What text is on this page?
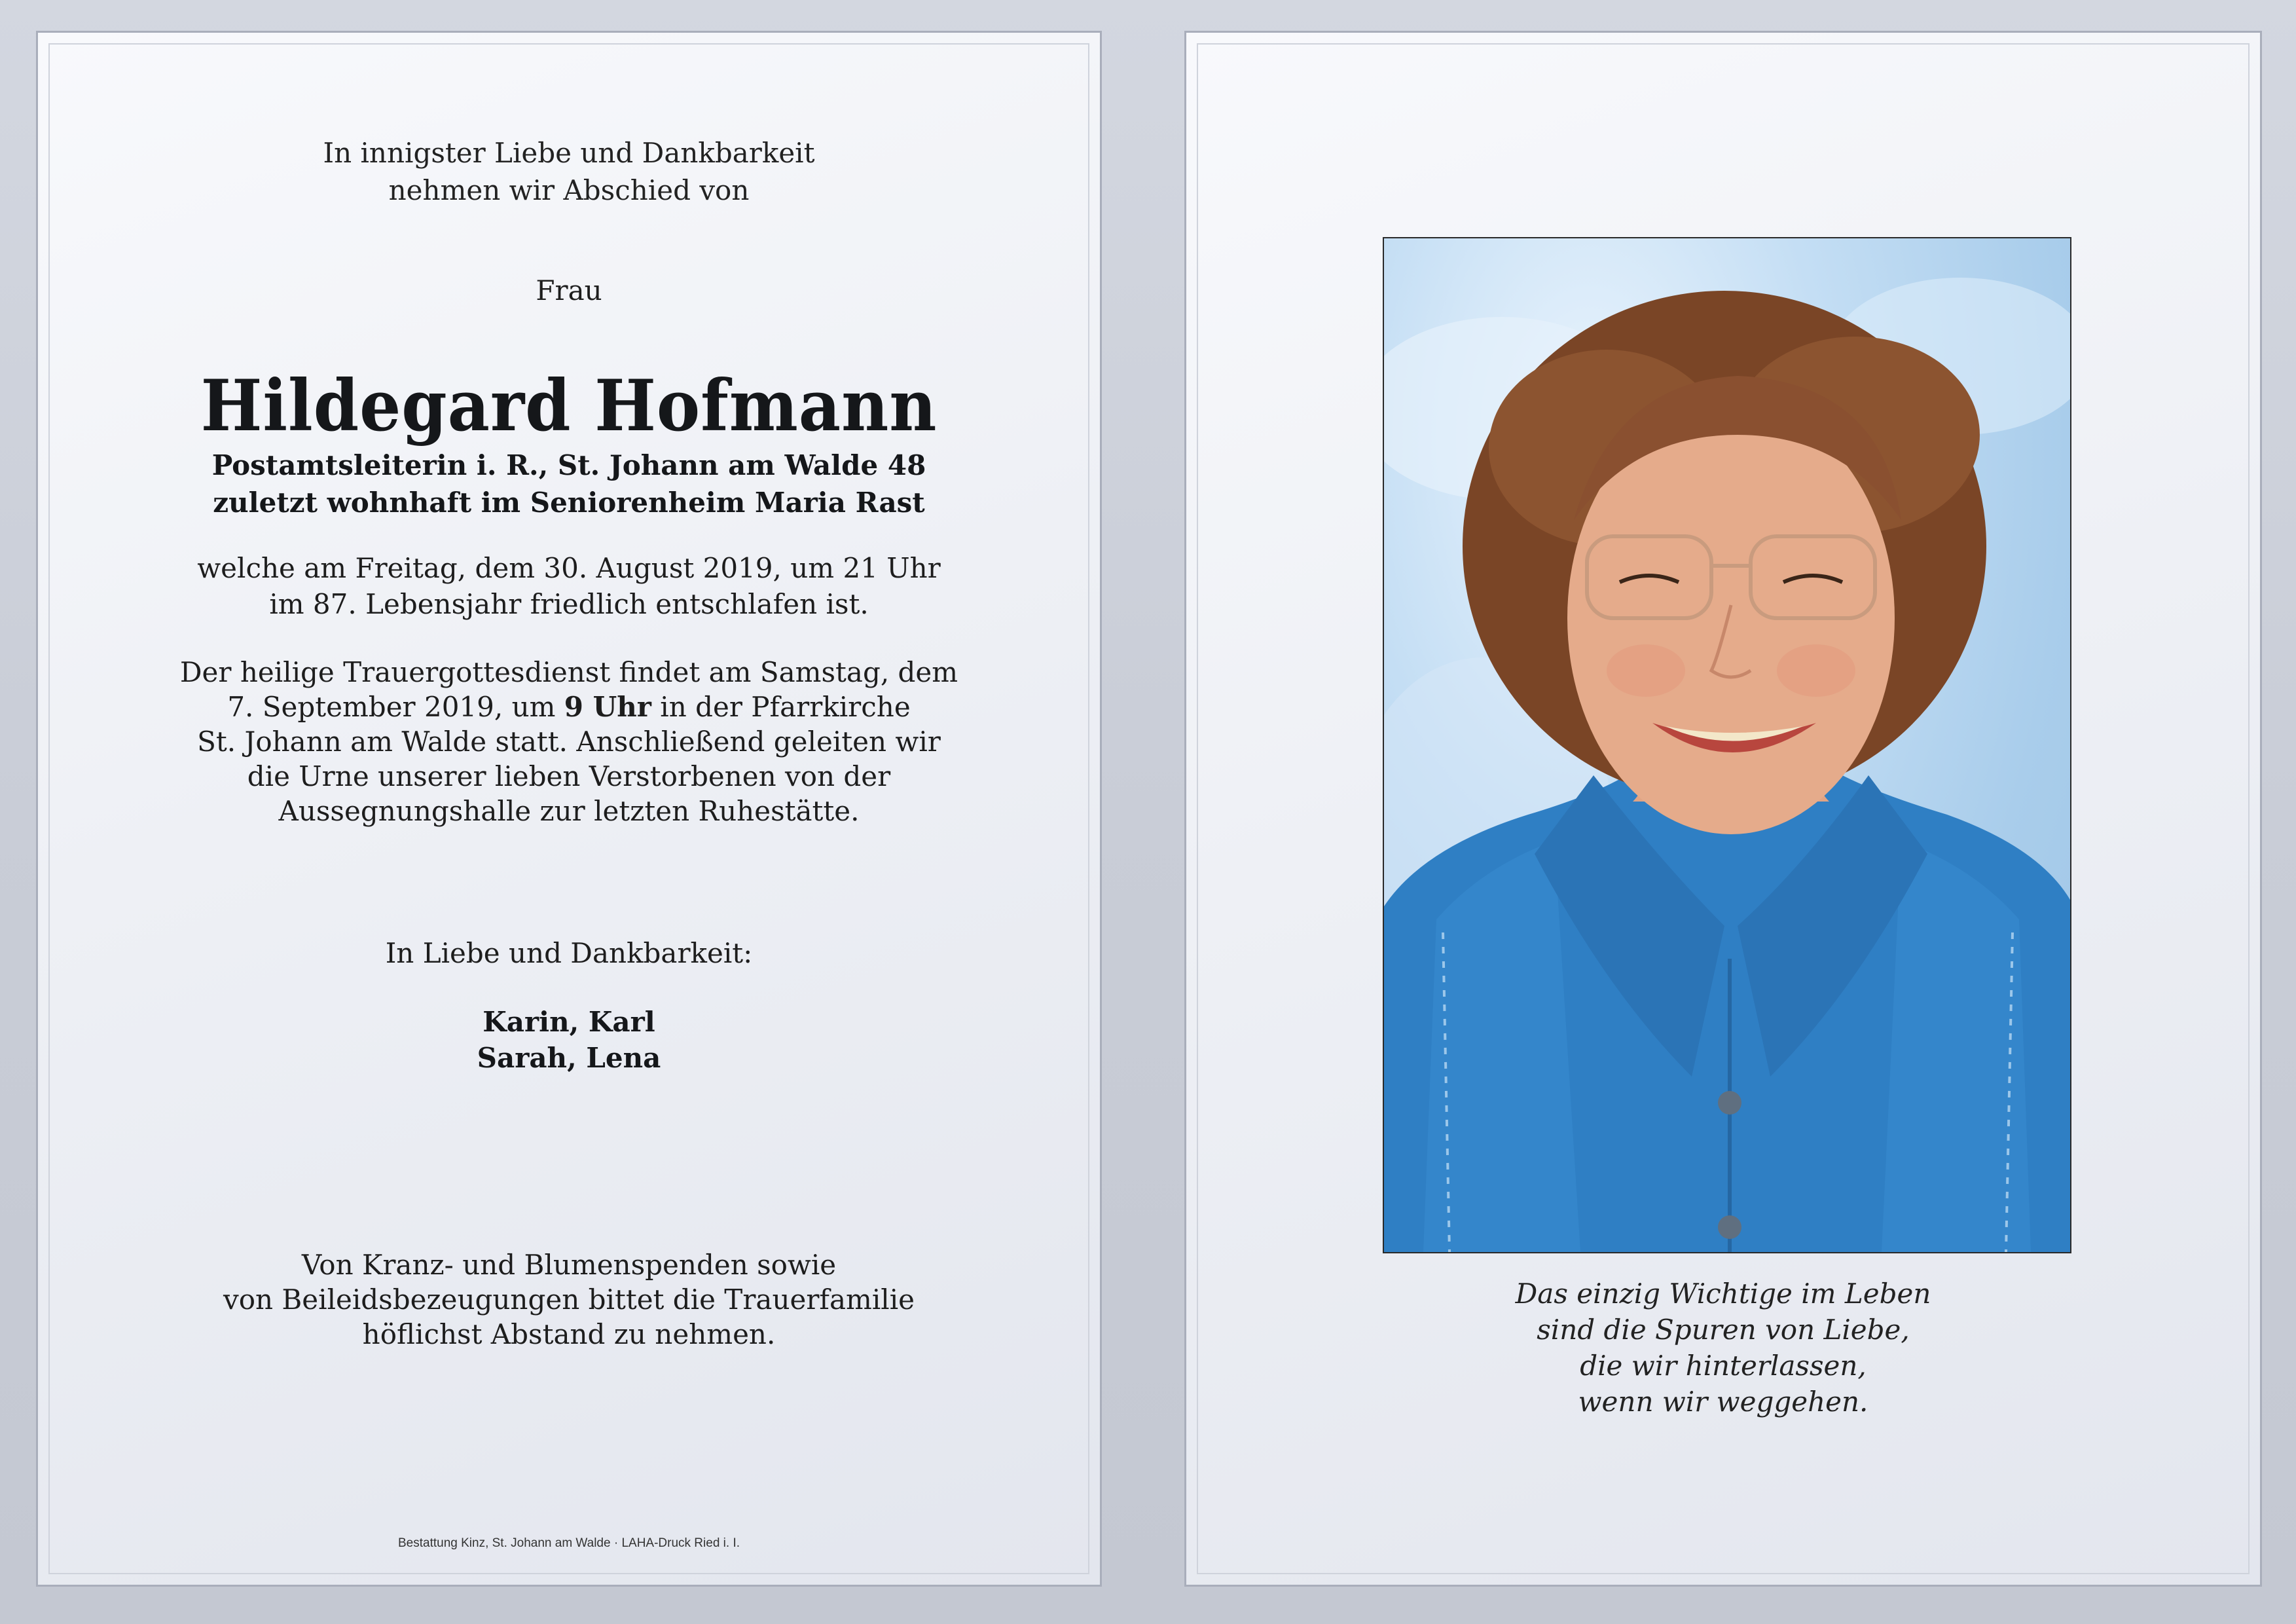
In innigster Liebe und Dankbarkeit
nehmen wir Abschied von
Frau
Hildegard Hofmann
Postamtsleiterin i. R., St. Johann am Walde 48
zuletzt wohnhaft im Seniorenheim Maria Rast
welche am Freitag, dem 30. August 2019, um 21 Uhr
im 87. Lebensjahr friedlich entschlafen ist.
Der heilige Trauergottesdienst findet am Samstag, dem
7. September 2019, um 9 Uhr in der Pfarrkirche
St. Johann am Walde statt. Anschließend geleiten wir
die Urne unserer lieben Verstorbenen von der
Aussegnungshalle zur letzten Ruhestätte.
In Liebe und Dankbarkeit:
Karin, Karl
Sarah, Lena
Von Kranz- und Blumenspenden sowie
von Beileidsbezeugungen bittet die Trauerfamilie
höflichst Abstand zu nehmen.
Bestattung Kinz, St. Johann am Walde · LAHA-Druck Ried i. I.
Das einzig Wichtige im Leben
sind die Spuren von Liebe,
die wir hinterlassen,
wenn wir weggehen.
